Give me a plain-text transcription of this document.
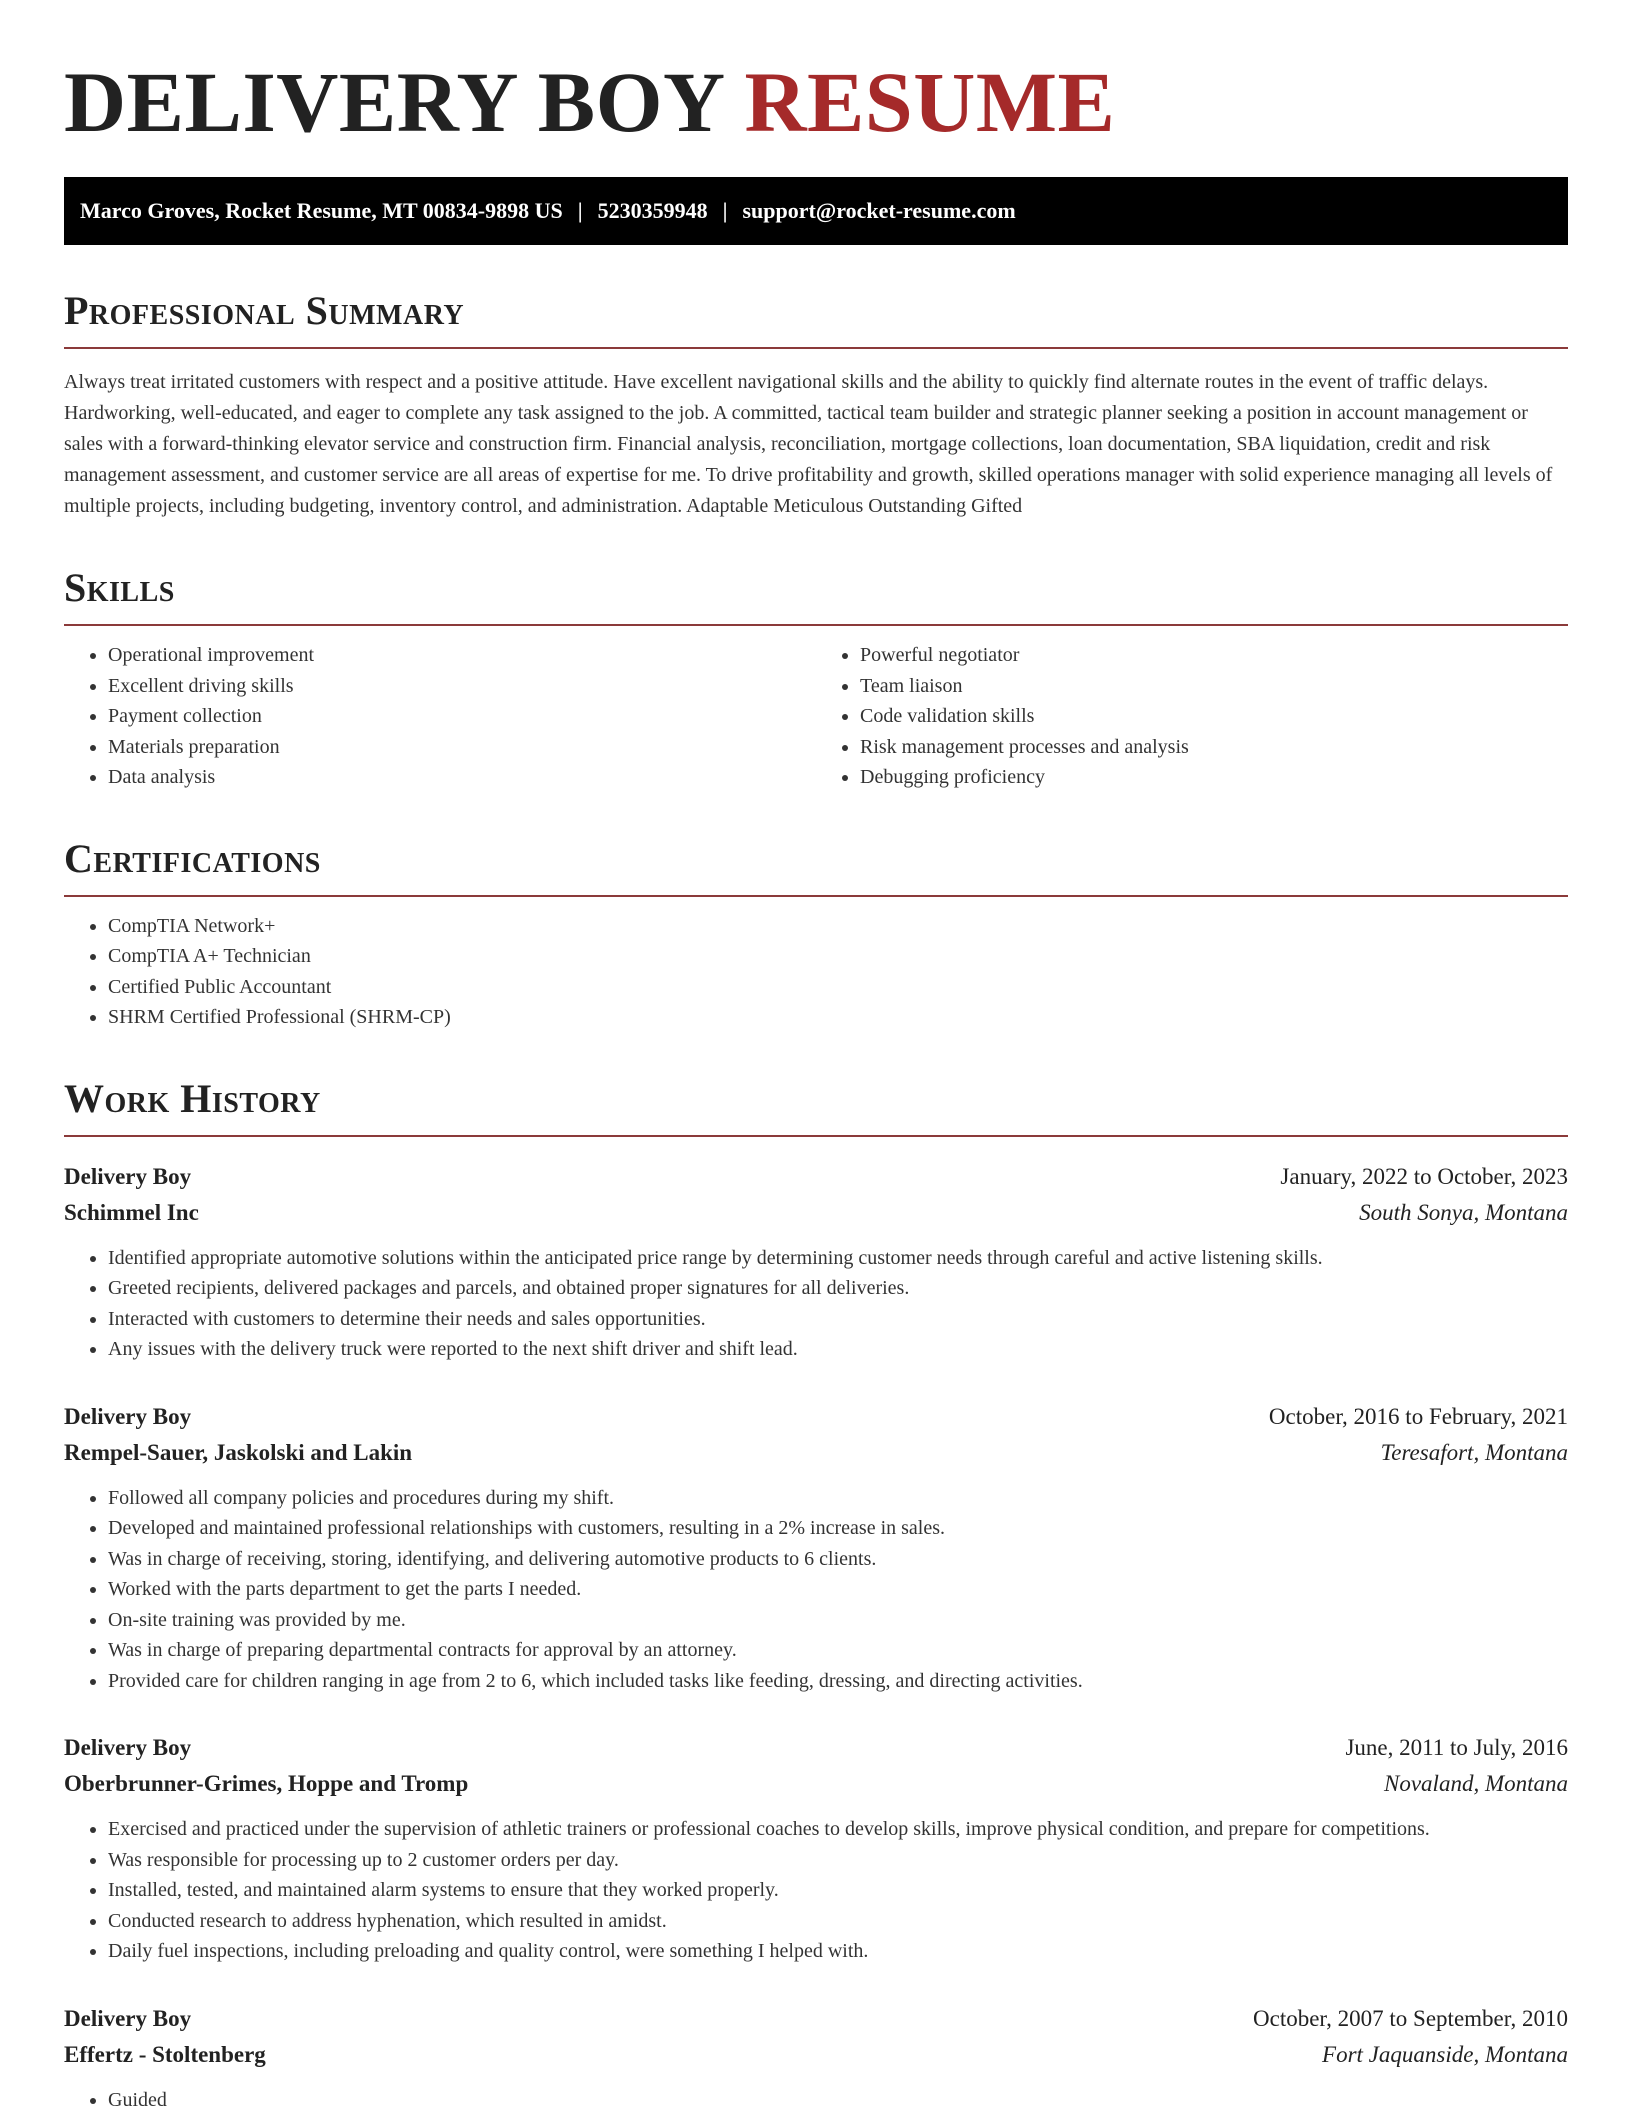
DELIVERY BOY RESUME
Marco Groves, Rocket Resume, MT 00834-9898 US | 5230359948 | support@rocket-resume.com
Professional Summary

Always treat irritated customers with respect and a positive attitude. Have excellent navigational skills and the ability to quickly find alternate routes in the event of traffic delays. Hardworking, well-educated, and eager to complete any task assigned to the job. A committed, tactical team builder and strategic planner seeking a position in account management or sales with a forward-thinking elevator service and construction firm. Financial analysis, reconciliation, mortgage collections, loan documentation, SBA liquidation, credit and risk management assessment, and customer service are all areas of expertise for me. To drive profitability and growth, skilled operations manager with solid experience managing all levels of multiple projects, including budgeting, inventory control, and administration. Adaptable Meticulous Outstanding Gifted

Skills
• Operational improvement
• Excellent driving skills
• Payment collection
• Materials preparation
• Data analysis
• Powerful negotiator
• Team liaison
• Code validation skills
• Risk management processes and analysis
• Debugging proficiency
Certifications
• CompTIA Network+
• CompTIA A+ Technician
• Certified Public Accountant
• SHRM Certified Professional (SHRM-CP)
Work History
Delivery Boy	January, 2022 to October, 2023
Schimmel Inc	South Sonya, Montana
• Identified appropriate automotive solutions within the anticipated price range by determining customer needs through careful and active listening skills.
• Greeted recipients, delivered packages and parcels, and obtained proper signatures for all deliveries.
• Interacted with customers to determine their needs and sales opportunities.
• Any issues with the delivery truck were reported to the next shift driver and shift lead.
Delivery Boy	October, 2016 to February, 2021
Rempel-Sauer, Jaskolski and Lakin	Teresafort, Montana
• Followed all company policies and procedures during my shift.
• Developed and maintained professional relationships with customers, resulting in a 2% increase in sales.
• Was in charge of receiving, storing, identifying, and delivering automotive products to 6 clients.
• Worked with the parts department to get the parts I needed.
• On-site training was provided by me.
• Was in charge of preparing departmental contracts for approval by an attorney.
• Provided care for children ranging in age from 2 to 6, which included tasks like feeding, dressing, and directing activities.
Delivery Boy	June, 2011 to July, 2016
Oberbrunner-Grimes, Hoppe and Tromp	Novaland, Montana
• Exercised and practiced under the supervision of athletic trainers or professional coaches to develop skills, improve physical condition, and prepare for competitions.
• Was responsible for processing up to 2 customer orders per day.
• Installed, tested, and maintained alarm systems to ensure that they worked properly.
• Conducted research to address hyphenation, which resulted in amidst.
• Daily fuel inspections, including preloading and quality control, were something I helped with.
Delivery Boy	October, 2007 to September, 2010
Effertz - Stoltenberg	Fort Jaquanside, Montana
• Guided
